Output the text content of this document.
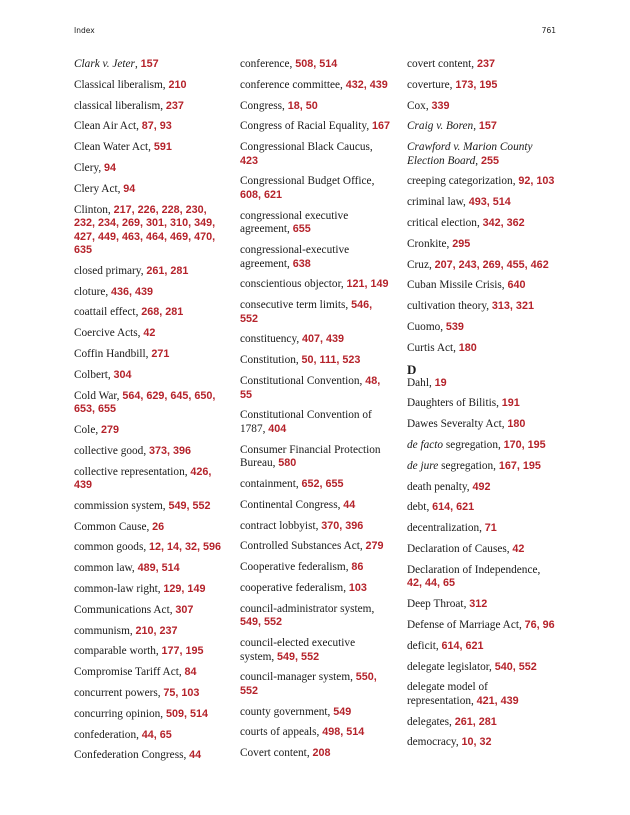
Index	761
Clark v. Jeter, 157
Classical liberalism, 210
classical liberalism, 237
Clean Air Act, 87, 93
Clean Water Act, 591
Clery, 94
Clery Act, 94
Clinton, 217, 226, 228, 230, 232, 234, 269, 301, 310, 349, 427, 449, 463, 464, 469, 470, 635
closed primary, 261, 281
cloture, 436, 439
coattail effect, 268, 281
Coercive Acts, 42
Coffin Handbill, 271
Colbert, 304
Cold War, 564, 629, 645, 650, 653, 655
Cole, 279
collective good, 373, 396
collective representation, 426, 439
commission system, 549, 552
Common Cause, 26
common goods, 12, 14, 32, 596
common law, 489, 514
common-law right, 129, 149
Communications Act, 307
communism, 210, 237
comparable worth, 177, 195
Compromise Tariff Act, 84
concurrent powers, 75, 103
concurring opinion, 509, 514
confederation, 44, 65
Confederation Congress, 44
conference, 508, 514
conference committee, 432, 439
Congress, 18, 50
Congress of Racial Equality, 167
Congressional Black Caucus, 423
Congressional Budget Office, 608, 621
congressional executive agreement, 655
congressional-executive agreement, 638
conscientious objector, 121, 149
consecutive term limits, 546, 552
constituency, 407, 439
Constitution, 50, 111, 523
Constitutional Convention, 48, 55
Constitutional Convention of 1787, 404
Consumer Financial Protection Bureau, 580
containment, 652, 655
Continental Congress, 44
contract lobbyist, 370, 396
Controlled Substances Act, 279
Cooperative federalism, 86
cooperative federalism, 103
council-administrator system, 549, 552
council-elected executive system, 549, 552
council-manager system, 550, 552
county government, 549
courts of appeals, 498, 514
Covert content, 208
covert content, 237
coverture, 173, 195
Cox, 339
Craig v. Boren, 157
Crawford v. Marion County Election Board, 255
creeping categorization, 92, 103
criminal law, 493, 514
critical election, 342, 362
Cronkite, 295
Cruz, 207, 243, 269, 455, 462
Cuban Missile Crisis, 640
cultivation theory, 313, 321
Cuomo, 539
Curtis Act, 180
D
Dahl, 19
Daughters of Bilitis, 191
Dawes Severalty Act, 180
de facto segregation, 170, 195
de jure segregation, 167, 195
death penalty, 492
debt, 614, 621
decentralization, 71
Declaration of Causes, 42
Declaration of Independence, 42, 44, 65
Deep Throat, 312
Defense of Marriage Act, 76, 96
deficit, 614, 621
delegate legislator, 540, 552
delegate model of representation, 421, 439
delegates, 261, 281
democracy, 10, 32
